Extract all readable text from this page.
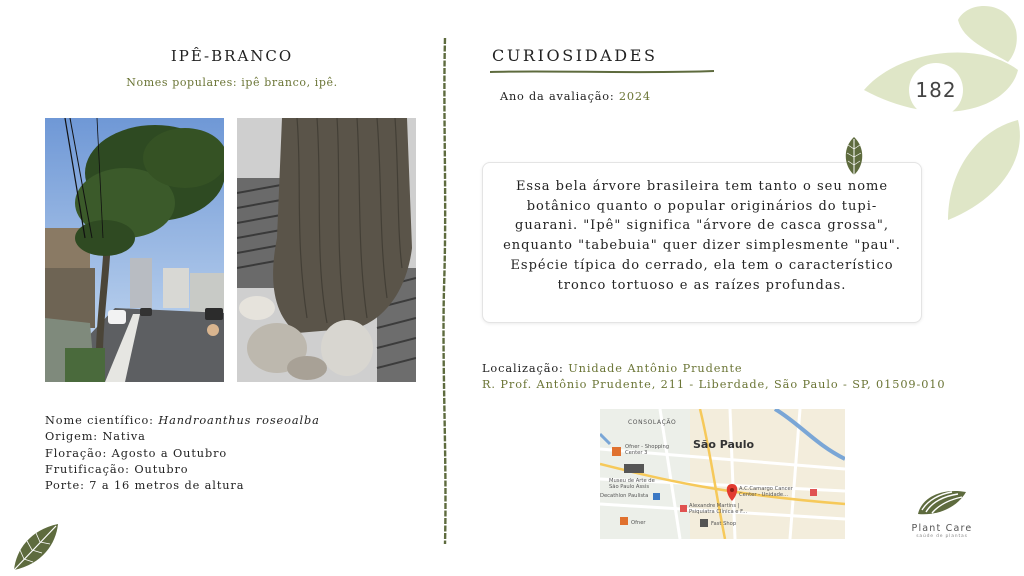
IPÊ-BRANCO
Nomes populares: ipê branco, ipê.
Nome científico: Handroanthus roseoalba
Origem: Nativa
Floração: Agosto a Outubro
Frutificação: Outubro
Porte: 7 a 16 metros de altura
CURIOSIDADES
Ano da avaliação: 2024	182
Essa bela árvore brasileira tem tanto o seu nome botânico quanto o popular originários do tupi-guarani. "Ipê" significa "árvore de casca grossa", enquanto "tabebuia" quer dizer simplesmente "pau". Espécie típica do cerrado, ela tem o característico tronco tortuoso e as raízes profundas.
Localização: Unidade Antônio Prudente
R. Prof. Antônio Prudente, 211 - Liberdade, São Paulo - SP, 01509-010
CONSOLAÇÃO
São Paulo
Ofner - Shopping Center 3
Museu de Arte de São Paulo Assis
Decathlon Paulista
A.C.Camargo Cancer Center - Unidade...
Alexandre Martins | Psiquiatra Clínica e F...
Ofner	Fast Shop	Plant Care
saúde de plantas
